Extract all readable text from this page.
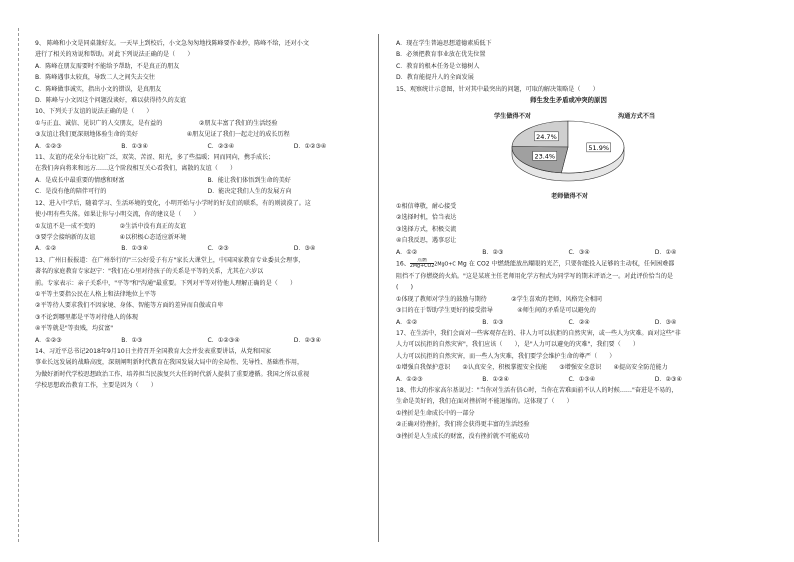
9、 陈峰和小文是同桌兼好友。一天早上到校后，小文急匆匆地找陈峰要作业抄，陈峰不给，还对小文
进行了相关的劝说和帮助。对此下列说法正确的是（　　）
A．陈峰在朋友需要时不能给予帮助，不是真正的朋友
B．陈峰遇事太较真，导致二人之间失去交往
C．陈峰做事诚实，指出小文的错误，是真朋友
D．陈峰与小文因这个问题没谈好，难以获得持久的友谊
10、下列关于友谊的说法正确的是（　　）
①与正直、诚信、见识广的人交朋友，是有益的　　　　　　②朋友丰富了我们的生活经验
③友谊让我们更深刻地体验生命的美好　　　　　　　　④朋友见证了我们一起走过的成长历程
A．①②③	B．①③④	C．②③④	D．①②③④
11、友谊的花朵分布比较广泛，双笑、苦涩、阳光，多了些温暖；同而同向，携手成长；
在我们奔向将来和远方……这个阶段相互关心看我们，离散的友谊（　　）
A．是成长中最重要的情感和财富	B．能让我们体悟到生命的美好
C．是没有他的陪伴可行的	D．能决定我们人生的发展方向
12、进入中学后，随着学习、生活环境的变化，小明开始与小学时的好友们的联系，有的则淡漠了。这
使小明有些失落。如果让你与小明交流，你的建议是（　　）
①友谊不是一成不变的　　　　②生活中没有真正的友谊
③要学会接纳新的友谊　　　　④以积极心态适应新环境
A．①②	B．①③④	C．②③	D．③④
13、广州日报报道：在广州举行的"三公好爱子有方"家长大课堂上，中国国家教育专业委员会理事，
著名的家庭教育专家赵宁："我们在心里对待孩子的关系是平等的关系，尤其在六岁以
前。专家表示：亲子关系中，"平等"和"沟通"最重要。下列对平等对待他人理解正确的是（　　）
①平等主要指公民在人格上和法律地位上平等
②平等待人要求我们不因家境、身体、智能等方面的差异而自傲或自卑
③不论到哪里都是平等对待他人的体现
④平等就是"等贵贱，均贫富"
A．①②③	B．①③	C．①②③④	D．②③④
14、习近平总书记2018年9月10日主持召开全国教育大会并发表重要讲话，从党和国家
事业长远发展的战略高度，深刻阐明新时代教育在我国发展大局中的全局性、先导性、基础性作用，
为做好新时代学校思想政治工作、培养担当民族复兴大任的时代新人提供了重要遵循。我国之所以重视
学校思想政治教育工作，主要是因为（　　）
A．现在学生普遍思想道德素质低下
B．必须把教育事业放在优先位置
C．教育的根本任务是立德树人
D．教育能提升人的全面发展
15、观察统计示意图，针对其中最突出的问题，可取的解决策略是（　　）
师生发生矛盾或冲突的原因
学生做得不对	沟通方式不当
24.7%
51.9%
23.4%
老师做得不对
①相信尊敬，耐心接受
②选择时机，恰当表达
③选择方式，积极交流
④自我反思，遇事忍让
A．①②	B．②③	C．③④	D．①④
16、 $\frac{\text{点燃}}{2Mg+CO2}2MgO+C$ Mg 在 CO2 中燃烧能放出耀眼的光芒，只要你能投入足够的主动权，任何困难都
阻挡不了你燃烧的火焰。"这是某班主任老师用化学方程式为同学写的期末评语之一。对此评价恰当的是
(　　)
①体现了教师对学生的鼓励与期待　　　　②学生喜欢的老师，风格完全相同
③目的在于帮助学生更好的接受指导　　　　④师生间的矛盾是可以避免的
A．①②	B．①③	C．②④	D．③④
17、在生活中，我们会面对一些客观存在的、非人力可以抗拒的自然灾害，或一些人为灾难。面对这些"非
人力可以抗拒的自然灾害"，我们应该（　　），是"人力可以避免的灾难"，我们要（　　）
人力可以抗拒的自然灾害，而一些人为灾难，我们要学会维护生命的尊严（　　）
①增强自我保护意识　　②认真安全，积极掌握安全技能　　③增强安全意识　　④提高安全防范能力
A．①②③	B．①②④	C．①③④	D．②③④
18、伟大的作家高尔基说过："当你对生活有信心时，当你在苦难面前不认人的时候……"奋进是不易的，
生命是美好的，我们在面对挫折时不能退缩的。这体现了（　　）
①挫折是生命成长中的一部分
②正确对待挫折，我们将会获得更丰富的生活经验
③挫折是人生成长的财富，没有挫折就不可能成功
